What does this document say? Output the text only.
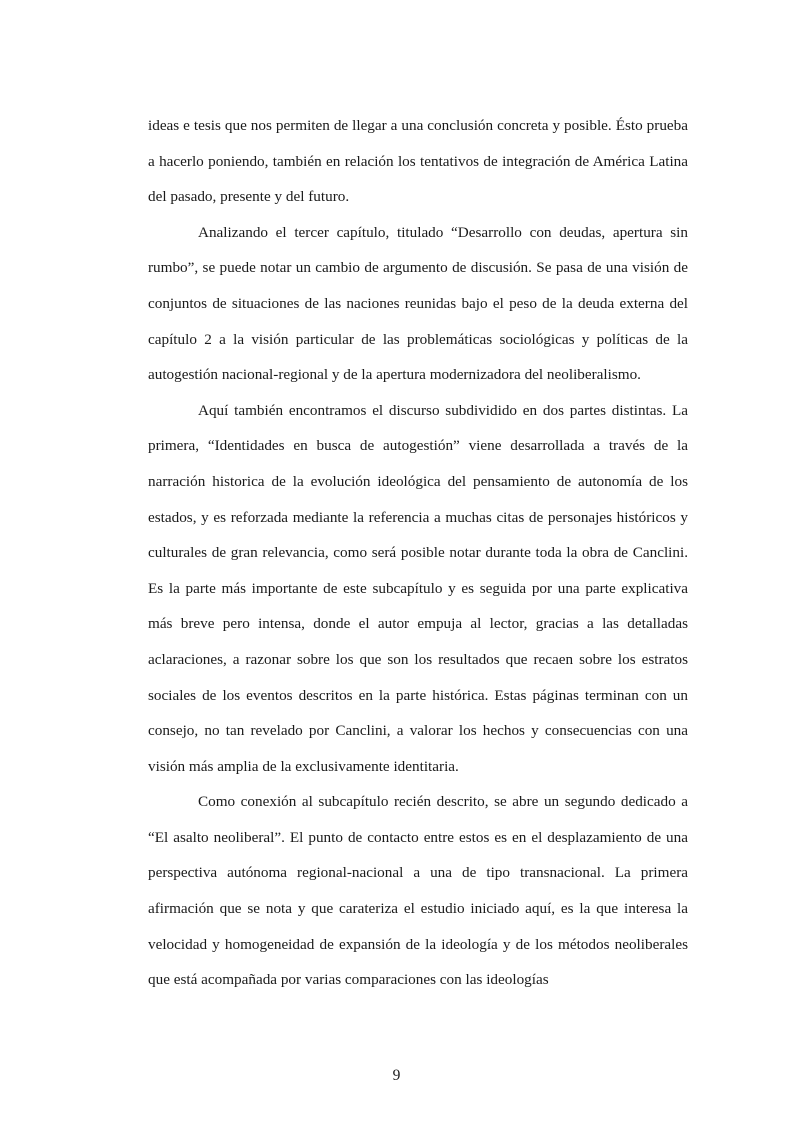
ideas e tesis que nos permiten de llegar a una conclusión concreta y posible. Ésto prueba a hacerlo poniendo, también en relación los tentativos de integración de América Latina del pasado, presente y del futuro.

Analizando el tercer capítulo, titulado “Desarrollo con deudas, apertura sin rumbo”, se puede notar un cambio de argumento de discusión. Se pasa de una visión de conjuntos de situaciones de las naciones reunidas bajo el peso de la deuda externa del capítulo 2 a la visión particular de las problemáticas sociológicas y políticas de la autogestión nacional-regional y de la apertura modernizadora del neoliberalismo.

Aquí también encontramos el discurso subdividido en dos partes distintas. La primera, “Identidades en busca de autogestión” viene desarrollada a través de la narración historica de la evolución ideológica del pensamiento de autonomía de los estados, y es reforzada mediante la referencia a muchas citas de personajes históricos y culturales de gran relevancia, como será posible notar durante toda la obra de Canclini. Es la parte más importante de este subcapítulo y es seguida por una parte explicativa más breve pero intensa, donde el autor empuja al lector, gracias a las detalladas aclaraciones, a razonar sobre los que son los resultados que recaen sobre los estratos sociales de los eventos descritos en la parte histórica. Estas páginas terminan con un consejo, no tan revelado por Canclini, a valorar los hechos y consecuencias con una visión más amplia de la exclusivamente identitaria.

Como conexión al subcapítulo recién descrito, se abre un segundo dedicado a “El asalto neoliberal”. El punto de contacto entre estos es en el desplazamiento de una perspectiva autónoma regional-nacional a una de tipo transnacional. La primera afirmación que se nota y que carateriza el estudio iniciado aquí, es la que interesa la velocidad y homogeneidad de expansión de la ideología y de los métodos neoliberales que está acompañada por varias comparaciones con las ideologías

9
